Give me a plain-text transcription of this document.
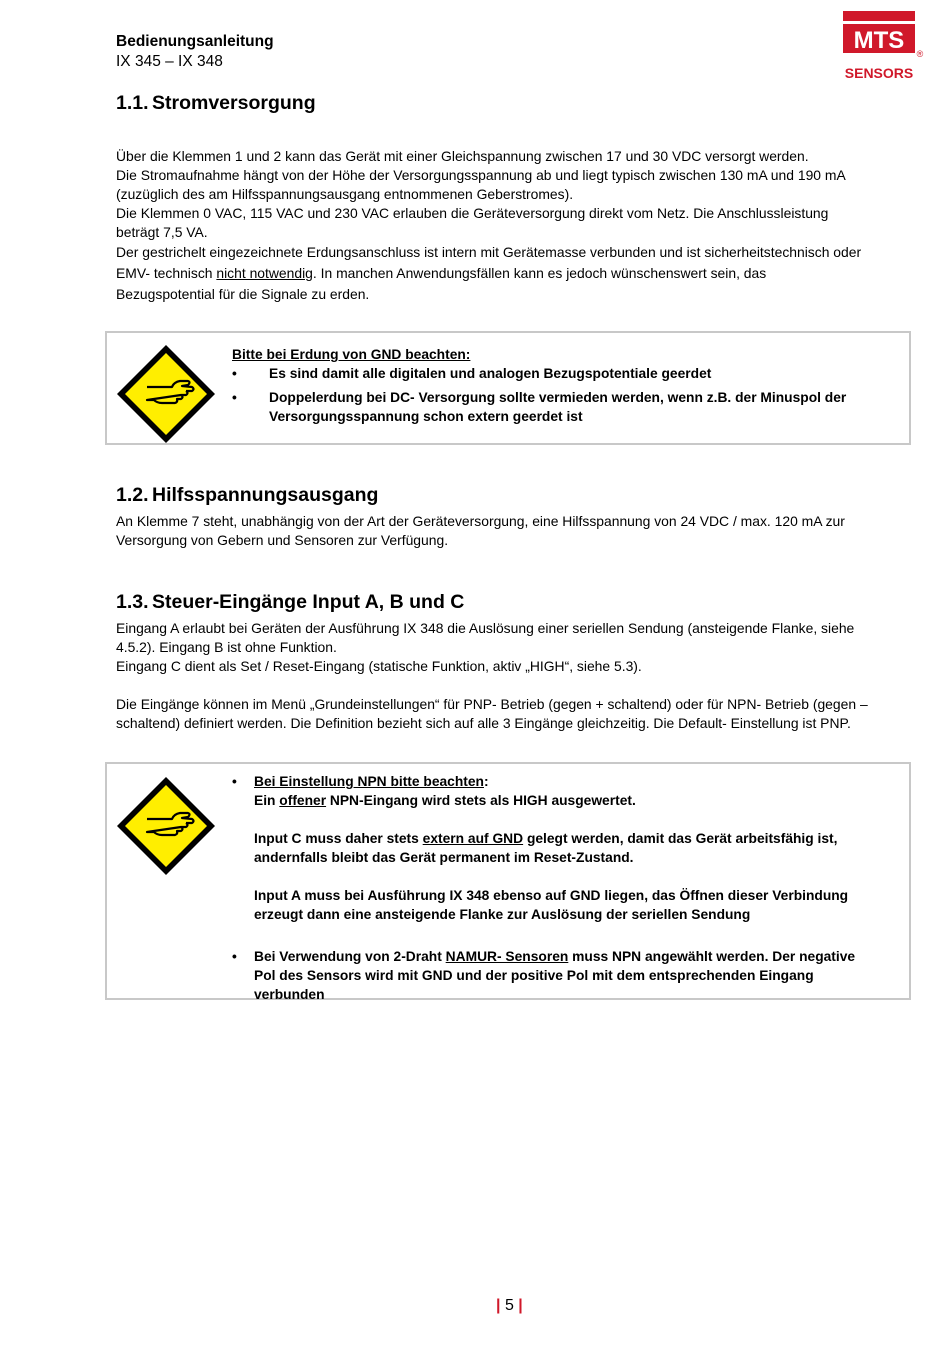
Bedienungsanleitung
IX 345 – IX 348
MTS ®
SENSORS
1.1. Stromversorgung

Über die Klemmen 1 und 2 kann das Gerät mit einer Gleichspannung zwischen 17 und 30 VDC versorgt werden.

Die Stromaufnahme hängt von der Höhe der Versorgungsspannung ab und liegt typisch zwischen 130 mA und 190 mA (zuzüglich des am Hilfsspannungsausgang entnommenen Geberstromes).

Die Klemmen 0 VAC, 115 VAC und 230 VAC erlauben die Geräteversorgung direkt vom Netz. Die Anschlussleistung beträgt 7,5 VA.

Der gestrichelt eingezeichnete Erdungsanschluss ist intern mit Gerätemasse verbunden und ist sicherheitstechnisch oder EMV- technisch nicht notwendig. In manchen Anwendungsfällen kann es jedoch wünschenswert sein, das Bezugspotential für die Signale zu erden.

Bitte bei Erdung von GND beachten:
• Es sind damit alle digitalen und analogen Bezugspotentiale geerdet
• Doppelerdung bei DC- Versorgung sollte vermieden werden, wenn z.B. der Minuspol der Versorgungsspannung schon extern geerdet ist
1.2. Hilfsspannungsausgang

An Klemme 7 steht, unabhängig von der Art der Geräteversorgung, eine Hilfsspannung von 24 VDC / max. 120 mA zur Versorgung von Gebern und Sensoren zur Verfügung.

1.3. Steuer-Eingänge Input A, B und C

Eingang A erlaubt bei Geräten der Ausführung IX 348 die Auslösung einer seriellen Sendung (ansteigende Flanke, siehe 4.5.2). Eingang B ist ohne Funktion.

Eingang C dient als Set / Reset-Eingang (statische Funktion, aktiv „HIGH“, siehe 5.3).

Die Eingänge können im Menü „Grundeinstellungen“ für PNP- Betrieb (gegen + schaltend) oder für NPN- Betrieb (gegen – schaltend) definiert werden. Die Definition bezieht sich auf alle 3 Eingänge gleichzeitig. Die Default- Einstellung ist PNP.

• Bei Einstellung NPN bitte beachten:
Ein offener NPN-Eingang wird stets als HIGH ausgewertet.
Input C muss daher stets extern auf GND gelegt werden, damit das Gerät arbeitsfähig ist, andernfalls bleibt das Gerät permanent im Reset-Zustand.
Input A muss bei Ausführung IX 348 ebenso auf GND liegen, das Öffnen dieser Verbindung erzeugt dann eine ansteigende Flanke zur Auslösung der seriellen Sendung
• Bei Verwendung von 2-Draht NAMUR- Sensoren muss NPN angewählt werden. Der negative Pol des Sensors wird mit GND und der positive Pol mit dem entsprechenden Eingang verbunden
| 5 |
